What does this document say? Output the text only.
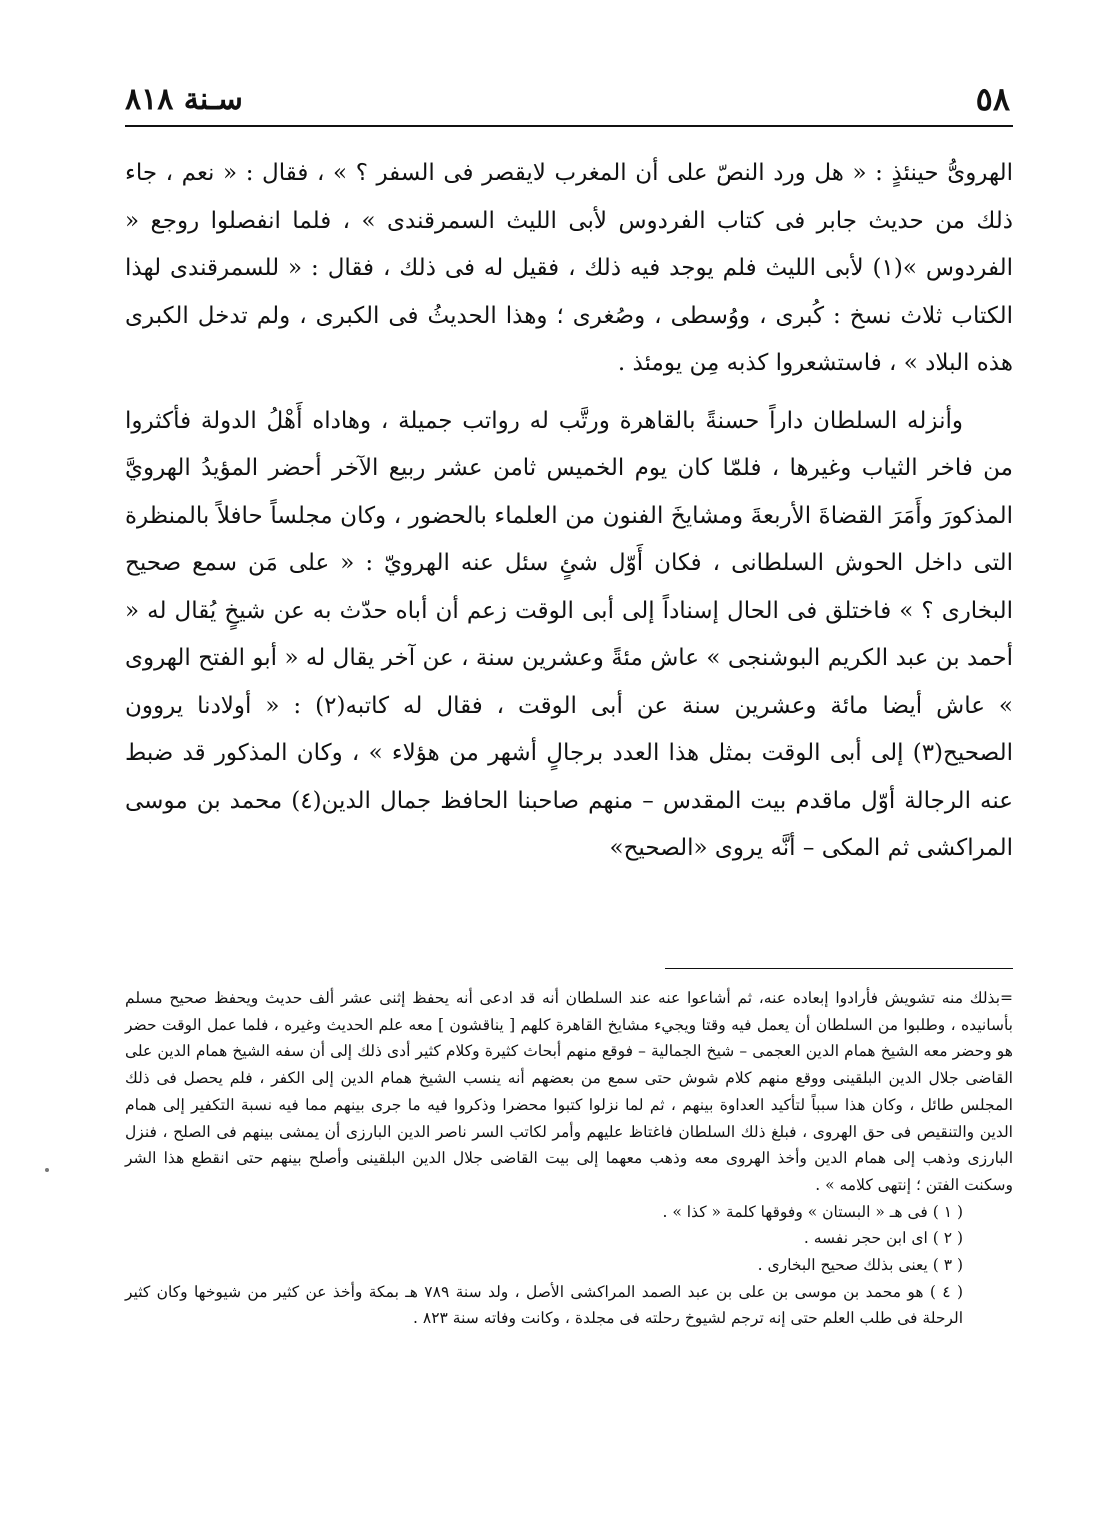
٥٨
سـنة ٨١٨

الهروىُّ حينئذٍ : « هل ورد النصّ على أن المغرب لايقصر فى السفر ؟ » ، فقال : « نعم ، جاء ذلك من حديث جابر فى كتاب الفردوس لأبى الليث السمرقندى » ، فلما انفصلوا روجع « الفردوس »(١) لأبى الليث فلم يوجد فيه ذلك ، فقيل له فى ذلك ، فقال : « للسمرقندى لهذا الكتاب ثلاث نسخ : كُبرى ، ووُسطى ، وصُغرى ؛ وهذا الحديثُ فى الكبرى ، ولم تدخل الكبرى هذه البلاد » ، فاستشعروا كذبه مِن يومئذ .

وأنزله السلطان داراً حسنةً بالقاهرة ورتَّب له رواتب جميلة ، وهاداه أَهْلُ الدولة فأكثروا من فاخر الثياب وغيرها ، فلمّا كان يوم الخميس ثامن عشر ربيع الآخر أحضر المؤيدُ الهرويَّ المذكورَ وأَمَرَ القضاةَ الأربعةَ ومشايخَ الفنون من العلماء بالحضور ، وكان مجلساً حافلاً بالمنظرة التى داخل الحوش السلطانى ، فكان أَوّل شئٍ سئل عنه الهرويّ : « على مَن سمع صحيح البخارى ؟ » فاختلق فى الحال إسناداً إلى أبى الوقت زعم أن أباه حدّث به عن شيخٍ يُقال له « أحمد بن عبد الكريم البوشنجى » عاش مئةً وعشرين سنة ، عن آخر يقال له « أبو الفتح الهروى » عاش أيضا مائة وعشرين سنة عن أبى الوقت ، فقال له كاتبه(٢) : « أولادنا يروون الصحيح(٣) إلى أبى الوقت بمثل هذا العدد برجالٍ أشهر من هؤلاء » ، وكان المذكور قد ضبط عنه الرجالة أوّل ماقدم بيت المقدس – منهم صاحبنا الحافظ جمال الدين(٤) محمد بن موسى المراكشى ثم المكى – أنَّه يروى «الصحيح»

=بذلك منه تشويش فأرادوا إبعاده عنه، ثم أشاعوا عنه عند السلطان أنه قد ادعى أنه يحفظ إثنى عشر ألف حديث ويحفظ صحيح مسلم بأسانيده ، وطلبوا من السلطان أن يعمل فيه وقتا ويجيء مشايخ القاهرة كلهم [ يناقشون ] معه علم الحديث وغيره ، فلما عمل الوقت حضر هو وحضر معه الشيخ همام الدين العجمى – شيخ الجمالية – فوقع منهم أبحاث كثيرة وكلام كثير أدى ذلك إلى أن سفه الشيخ همام الدين على القاضى جلال الدين البلقينى ووقع منهم كلام شوش حتى سمع من بعضهم أنه ينسب الشيخ همام الدين إلى الكفر ، فلم يحصل فى ذلك المجلس طائل ، وكان هذا سبباً لتأكيد العداوة بينهم ، ثم لما نزلوا كتبوا محضرا وذكروا فيه ما جرى بينهم مما فيه نسبة التكفير إلى همام الدين والتنقيص فى حق الهروى ، فبلغ ذلك السلطان فاغتاظ عليهم وأمر لكاتب السر ناصر الدين البارزى أن يمشى بينهم فى الصلح ، فنزل البارزى وذهب إلى همام الدين وأخذ الهروى معه وذهب معهما إلى بيت القاضى جلال الدين البلقينى وأصلح بينهم حتى انقطع هذا الشر وسكنت الفتن ؛ إنتهى كلامه » .

( ١ ) فى هـ « البستان » وفوقها كلمة « كذا » .

( ٢ ) اى ابن حجر نفسه .

( ٣ ) يعنى بذلك صحيح البخارى .

( ٤ ) هو محمد بن موسى بن على بن عبد الصمد المراكشى الأصل ، ولد سنة ٧٨٩ هـ بمكة وأخذ عن كثير من شيوخها وكان كثير الرحلة فى طلب العلم حتى إنه ترجم لشيوخ رحلته فى مجلدة ، وكانت وفاته سنة ٨٢٣ .
